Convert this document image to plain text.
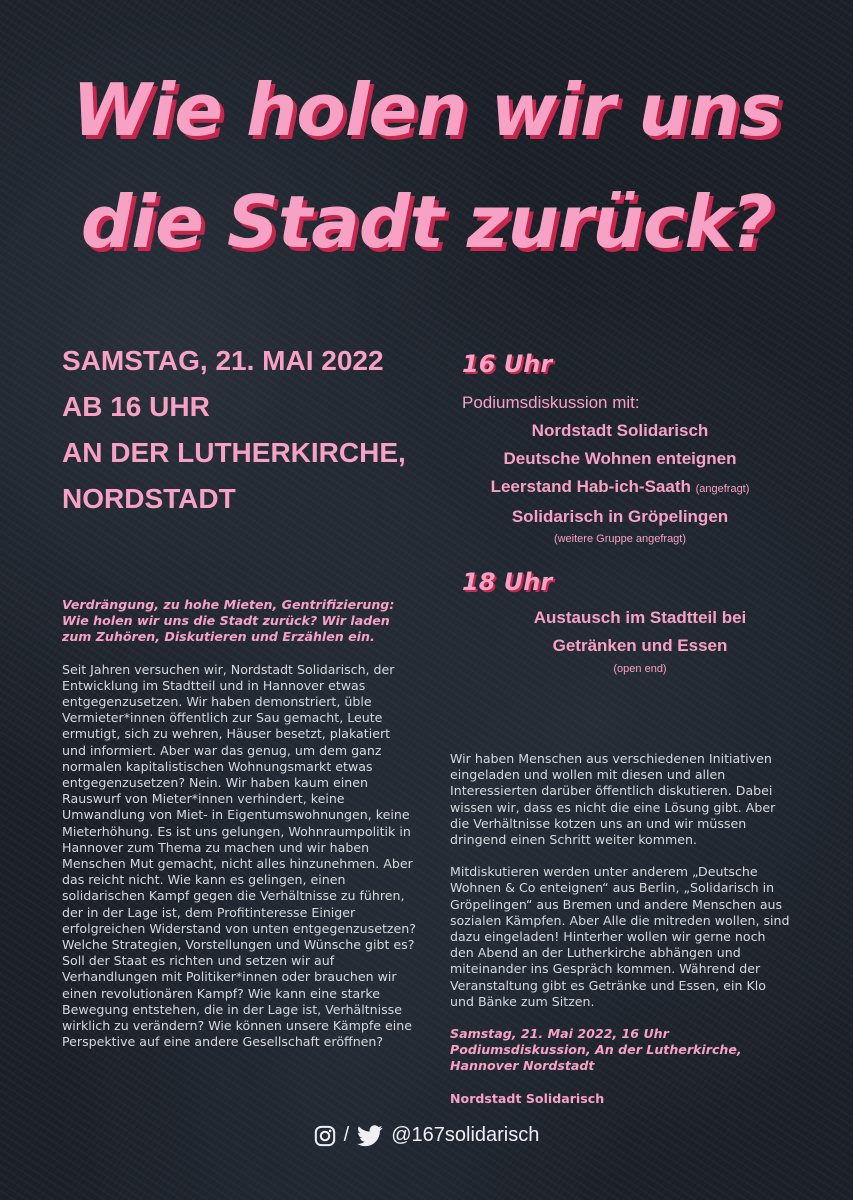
Wie holen wir uns
die Stadt zurück?
SAMSTAG, 21. MAI 2022
AB 16 UHR
AN DER LUTHERKIRCHE,
NORDSTADT
16 Uhr
Podiumsdiskussion mit:
Nordstadt Solidarisch
Deutsche Wohnen enteignen
Leerstand Hab-ich-Saath (angefragt)
Solidarisch in Gröpelingen
(weitere Gruppe angefragt)
18 Uhr
Austausch im Stadtteil bei
Getränken und Essen
(open end)

Verdrängung, zu hohe Mieten, Gentrifizierung: Wie holen wir uns die Stadt zurück? Wir laden zum Zuhören, Diskutieren und Erzählen ein.

Seit Jahren versuchen wir, Nordstadt Solidarisch, der Entwicklung im Stadtteil und in Hannover etwas entgegenzusetzen. Wir haben demonstriert, üble Vermieter*innen öffentlich zur Sau gemacht, Leute ermutigt, sich zu wehren, Häuser besetzt, plakatiert und informiert. Aber war das genug, um dem ganz normalen kapitalistischen Wohnungsmarkt etwas entgegenzusetzen? Nein. Wir haben kaum einen Rauswurf von Mieter*innen verhindert, keine Umwandlung von Miet- in Eigentumswohnungen, keine Mieterhöhung. Es ist uns gelungen, Wohnraumpolitik in Hannover zum Thema zu machen und wir haben Menschen Mut gemacht, nicht alles hinzunehmen. Aber das reicht nicht. Wie kann es gelingen, einen solidarischen Kampf gegen die Verhältnisse zu führen, der in der Lage ist, dem Profitinteresse Einiger erfolgreichen Widerstand von unten entgegenzusetzen? Welche Strategien, Vorstellungen und Wünsche gibt es? Soll der Staat es richten und setzen wir auf Verhandlungen mit Politiker*innen oder brauchen wir einen revolutionären Kampf? Wie kann eine starke Bewegung entstehen, die in der Lage ist, Verhältnisse wirklich zu verändern? Wie können unsere Kämpfe eine Perspektive auf eine andere Gesellschaft eröffnen?

Wir haben Menschen aus verschiedenen Initiativen eingeladen und wollen mit diesen und allen Interessierten darüber öffentlich diskutieren. Dabei wissen wir, dass es nicht die eine Lösung gibt. Aber die Verhältnisse kotzen uns an und wir müssen dringend einen Schritt weiter kommen.

Mitdiskutieren werden unter anderem „Deutsche Wohnen & Co enteignen“ aus Berlin, „Solidarisch in Gröpelingen“ aus Bremen und andere Menschen aus sozialen Kämpfen. Aber Alle die mitreden wollen, sind dazu eingeladen! Hinterher wollen wir gerne noch den Abend an der Lutherkirche abhängen und miteinander ins Gespräch kommen. Während der Veranstaltung gibt es Getränke und Essen, ein Klo und Bänke zum Sitzen.

Samstag, 21. Mai 2022, 16 Uhr Podiumsdiskussion, An der Lutherkirche, Hannover Nordstadt

Nordstadt Solidarisch

/ @167solidarisch
